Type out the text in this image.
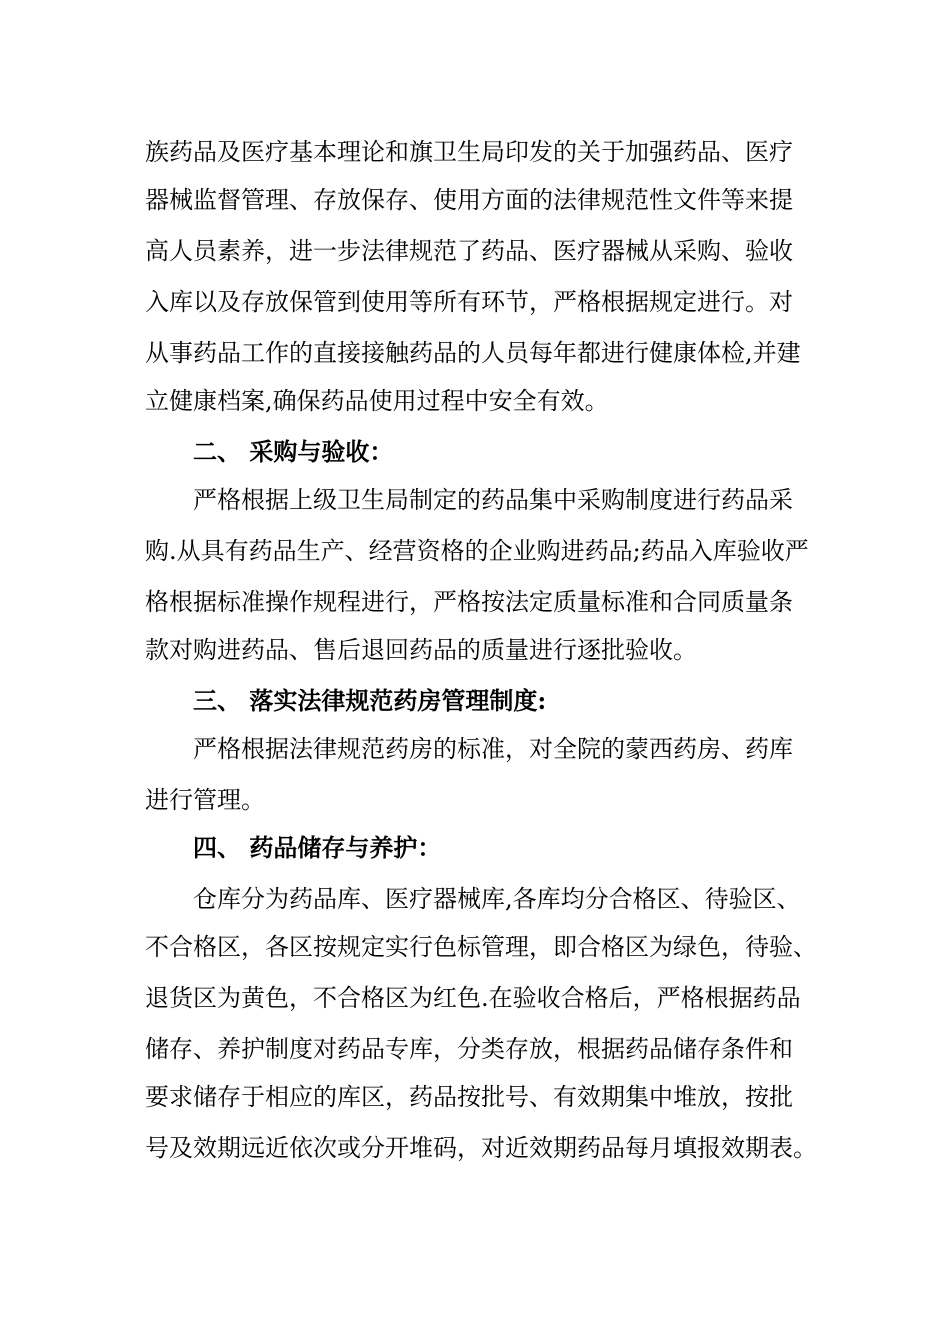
族药品及医疗基本理论和旗卫生局印发的关于加强药品、医疗
器械监督管理、存放保存、使用方面的法律规范性文件等来提
高人员素养，进一步法律规范了药品、医疗器械从采购、验收
入库以及存放保管到使用等所有环节，严格根据规定进行。对
从事药品工作的直接接触药品的人员每年都进行健康体检,并建
立健康档案,确保药品使用过程中安全有效。
二、 采购与验收：
严格根据上级卫生局制定的药品集中采购制度进行药品采
购.从具有药品生产、经营资格的企业购进药品;药品入库验收严
格根据标准操作规程进行，严格按法定质量标准和合同质量条
款对购进药品、售后退回药品的质量进行逐批验收。
三、 落实法律规范药房管理制度:
严格根据法律规范药房的标准，对全院的蒙西药房、药库
进行管理。
四、 药品储存与养护：
仓库分为药品库、医疗器械库,各库均分合格区、待验区、
不合格区，各区按规定实行色标管理，即合格区为绿色，待验、
退货区为黄色，不合格区为红色.在验收合格后，严格根据药品
储存、养护制度对药品专库，分类存放，根据药品储存条件和
要求储存于相应的库区，药品按批号、有效期集中堆放，按批
号及效期远近依次或分开堆码，对近效期药品每月填报效期表。
